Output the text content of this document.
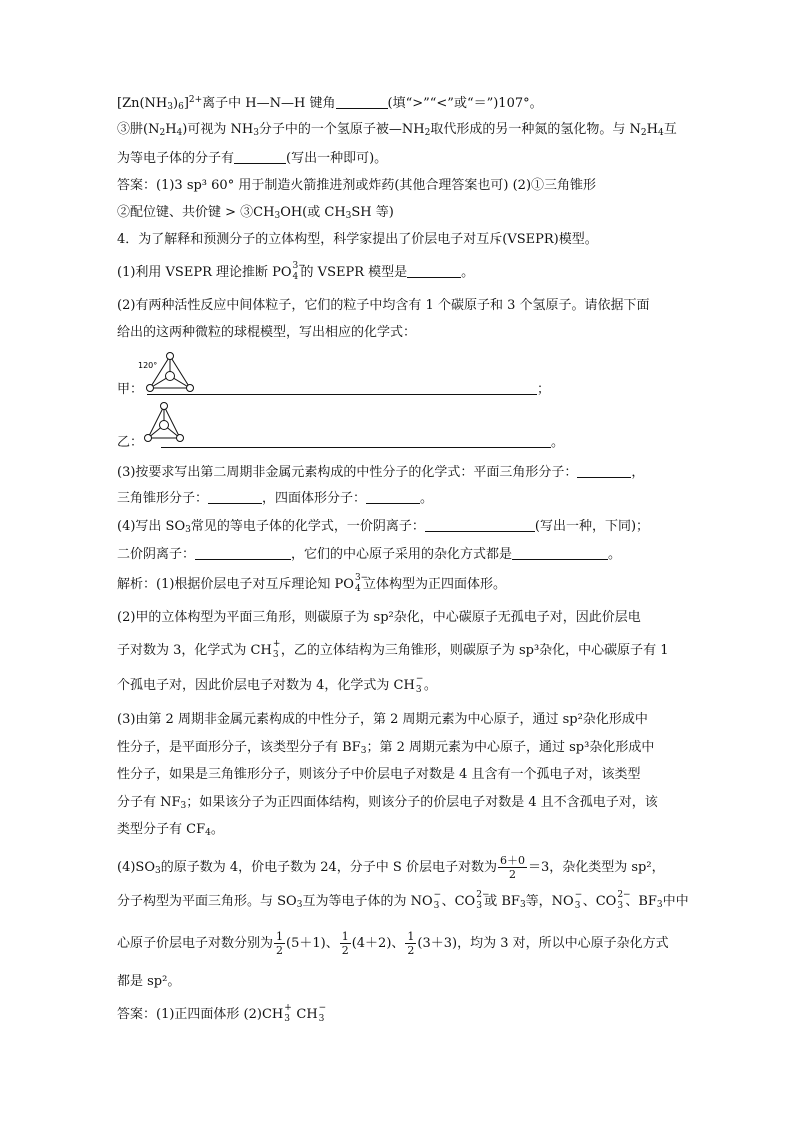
$[Zn(NH_3)_6]^{2+}$离子中 H—N—H 键角	(填“>”“<”或“＝”)107°。
③肼$(N_2H_4)$可视为 $NH_3$分子中的一个氢原子被$—NH_2$取代形成的另一种氮的氢化物。与 $N_2H_4$互
为等电子体的分子有	(写出一种即可)。
答案：(1)3 sp³ 60° 用于制造火箭推进剂或炸药(其他合理答案也可) (2)①三角锥形
②配位键、共价键 > $③CH_3OH$(或 $CH_3SH$ 等)
4．为了解释和预测分子的立体构型，科学家提出了价层电子对互斥(VSEPR)模型。
(1)利用 VSEPR 理论推断 PO 3−
4 的 VSEPR 模型是	。
(2)有两种活性反应中间体粒子，它们的粒子中均含有 1 个碳原子和 3 个氢原子。请依据下面
给出的这两种微粒的球棍模型，写出相应的化学式：
120°
甲：	；
乙：	。
(3)按要求写出第二周期非金属元素构成的中性分子的化学式：平面三角形分子：	，
三角锥形分子：	，四面体形分子：	。
(4)写出 $SO_3$常见的等电子体的化学式，一价阴离子：	(写出一种，下同)；
二价阴离子：	，它们的中心原子采用的杂化方式都是	。
解析：(1)根据价层电子对互斥理论知 PO 3−
4 立体构型为正四面体形。
(2)甲的立体构型为平面三角形，则碳原子为 sp²杂化，中心碳原子无孤电子对，因此价层电
子对数为 3，化学式为 CH +
3 ，乙的立体结构为三角锥形，则碳原子为 sp³杂化，中心碳原子有 1
个孤电子对，因此价层电子对数为 4，化学式为 CH −
3 。
(3)由第 2 周期非金属元素构成的中性分子，第 2 周期元素为中心原子，通过 sp²杂化形成中
性分子，是平面形分子，该类型分子有 $BF_3$；第 2 周期元素为中心原子，通过 sp³杂化形成中
性分子，如果是三角锥形分子，则该分子中价层电子对数是 4 且含有一个孤电子对，该类型
分子有 $NF_3$；如果该分子为正四面体结构，则该分子的价层电子对数是 4 且不含孤电子对，该
类型分子有 $CF_4$。
$(4)SO_3$的原子数为 4，价电子数为 24，分子中 S 价层电子对数为 $\frac{6+0}{2} =3$，杂化类型为 sp²，
分子构型为平面三角形。与 $SO_3$互为等电子体的为 NO −
3 、CO 2−
3 或 $BF_3$等，NO −
3 、CO 2−
3 、$BF_3$中中
心原子价层电子对数分别为 $\frac{1}{2} (5+1)$、 $\frac{1}{2} (4+2)$、 $\frac{1}{2} (3+3)$，均为 3 对，所以中心原子杂化方式
都是 sp²。
答案：(1)正四面体形 (2)CH +
3 CH −
3
